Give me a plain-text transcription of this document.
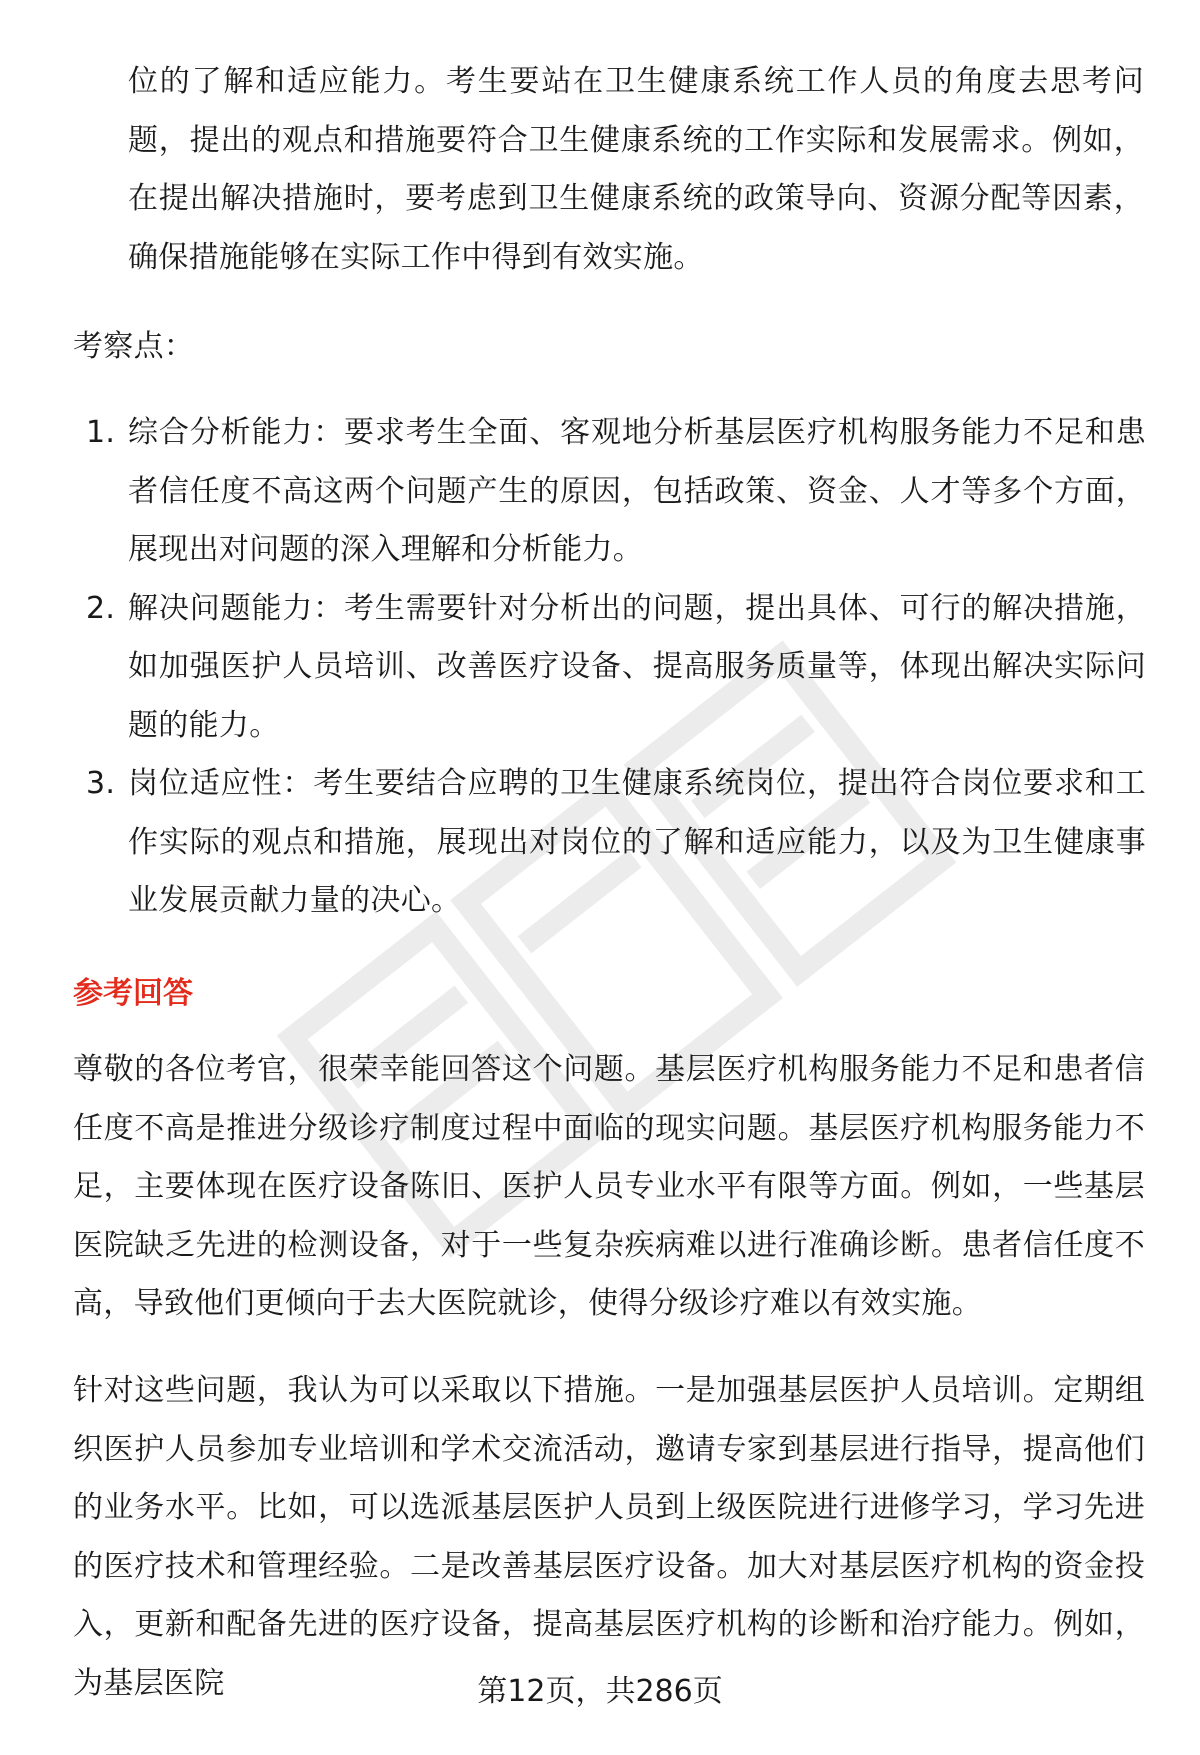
位的了解和适应能力。考生要站在卫生健康系统工作人员的角度去思考问题，提出的观点和措施要符合卫生健康系统的工作实际和发展需求。例如，在提出解决措施时，要考虑到卫生健康系统的政策导向、资源分配等因素，确保措施能够在实际工作中得到有效实施。

考察点：

1. 综合分析能力：要求考生全面、客观地分析基层医疗机构服务能力不足和患者信任度不高这两个问题产生的原因，包括政策、资金、人才等多个方面，展现出对问题的深入理解和分析能力。
2. 解决问题能力：考生需要针对分析出的问题，提出具体、可行的解决措施，如加强医护人员培训、改善医疗设备、提高服务质量等，体现出解决实际问题的能力。
3. 岗位适应性：考生要结合应聘的卫生健康系统岗位，提出符合岗位要求和工作实际的观点和措施，展现出对岗位的了解和适应能力，以及为卫生健康事业发展贡献力量的决心。
参考回答

尊敬的各位考官，很荣幸能回答这个问题。基层医疗机构服务能力不足和患者信任度不高是推进分级诊疗制度过程中面临的现实问题。基层医疗机构服务能力不足，主要体现在医疗设备陈旧、医护人员专业水平有限等方面。例如，一些基层医院缺乏先进的检测设备，对于一些复杂疾病难以进行准确诊断。患者信任度不高，导致他们更倾向于去大医院就诊，使得分级诊疗难以有效实施。

针对这些问题，我认为可以采取以下措施。一是加强基层医护人员培训。定期组织医护人员参加专业培训和学术交流活动，邀请专家到基层进行指导，提高他们的业务水平。比如，可以选派基层医护人员到上级医院进行进修学习，学习先进的医疗技术和管理经验。二是改善基层医疗设备。加大对基层医疗机构的资金投入，更新和配备先进的医疗设备，提高基层医疗机构的诊断和治疗能力。例如，为基层医院	第12页，共286页
